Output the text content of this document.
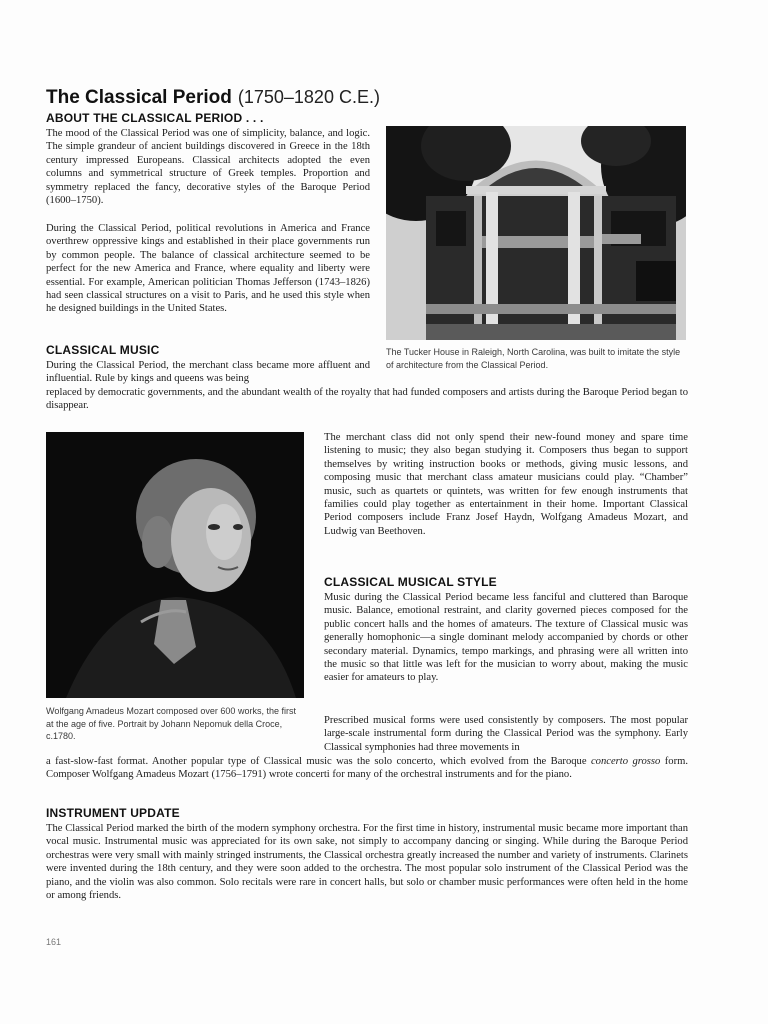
The Classical Period (1750–1820 C.E.)
ABOUT THE CLASSICAL PERIOD . . .

The mood of the Classical Period was one of simplicity, balance, and logic. The simple grandeur of ancient buildings discovered in Greece in the 18th century impressed Europeans. Classical architects adopted the even columns and symmetrical structure of Greek temples. Proportion and symmetry replaced the fancy, decorative styles of the Baroque Period (1600–1750).

During the Classical Period, political revolutions in America and France overthrew oppressive kings and established in their place governments run by common people. The balance of classical architecture seemed to be perfect for the new America and France, where equality and liberty were essential. For example, American politician Thomas Jefferson (1743–1826) had seen classical structures on a visit to Paris, and he used this style when he designed buildings in the United States.

The Tucker House in Raleigh, North Carolina, was built to imitate the style of architecture from the Classical Period.

CLASSICAL MUSIC

During the Classical Period, the merchant class became more affluent and influential. Rule by kings and queens was being

replaced by democratic governments, and the abundant wealth of the royalty that had funded composers and artists during the Baroque Period began to disappear.

Wolfgang Amadeus Mozart composed over 600 works, the first at the age of five. Portrait by Johann Nepomuk della Croce, c.1780.

The merchant class did not only spend their new-found money and spare time listening to music; they also began studying it. Composers thus began to support themselves by writing instruction books or methods, giving music lessons, and composing music that merchant class amateur musicians could play. “Chamber” music, such as quartets or quintets, was written for few enough instruments that families could play together as entertainment in their home. Important Classical Period composers include Franz Josef Haydn, Wolfgang Amadeus Mozart, and Ludwig van Beethoven.

CLASSICAL MUSICAL STYLE

Music during the Classical Period became less fanciful and cluttered than Baroque music. Balance, emotional restraint, and clarity governed pieces composed for the public concert halls and the homes of amateurs. The texture of Classical music was generally homophonic—a single dominant melody accompanied by chords or other secondary material. Dynamics, tempo markings, and phrasing were all written into the music so that little was left for the musician to worry about, making the music easier for amateurs to play.

Prescribed musical forms were used consistently by composers. The most popular large-scale instrumental form during the Classical Period was the symphony. Early Classical symphonies had three movements in

a fast-slow-fast format. Another popular type of Classical music was the solo concerto, which evolved from the Baroque concerto grosso form. Composer Wolfgang Amadeus Mozart (1756–1791) wrote concerti for many of the orchestral instruments and for the piano.

INSTRUMENT UPDATE

The Classical Period marked the birth of the modern symphony orchestra. For the first time in history, instrumental music became more important than vocal music. Instrumental music was appreciated for its own sake, not simply to accompany dancing or singing. While during the Baroque Period orchestras were very small with mainly stringed instruments, the Classical orchestra greatly increased the number and variety of instruments. Clarinets were invented during the 18th century, and they were soon added to the orchestra. The most popular solo instrument of the Classical Period was the piano, and the violin was also common. Solo recitals were rare in concert halls, but solo or chamber music performances were often held in the home or among friends.

161
